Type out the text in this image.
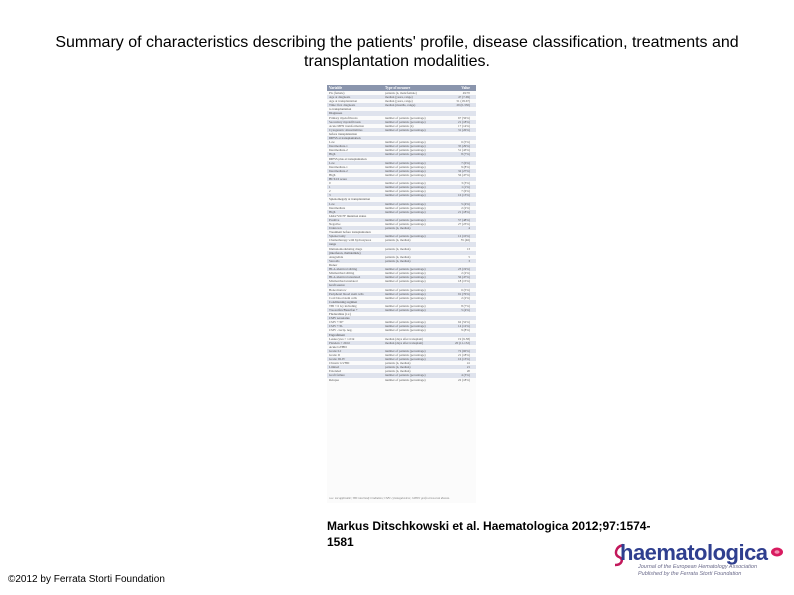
Summary of characteristics describing the patients' profile, disease classification, treatments and transplantation modalities.
Variable	Type of measure	Value
Pts (female)	patients (n, male/female)	49/70
Age at diagnosis	median (years, range)	47 (7-69)
Age at transplantation	median (years, range)	51 (18-67)
Time: first diagnosis	median (months, range)	29 (0-330)
to transplantation
Diagnoses
Primary myelofibrosis	number of patients (percentage)	67 (56%)
Secondary myelofibrosis	number of patients (percentage)	21 (18%)
Acute MPN transformation	number of patients (n)	17 (14%)
Cytogenetic abnormalities	number of patients (percentage)	31 (26%)
before transplantation
DIPSS at transplantation
Low	number of patients (percentage)	6 (5%)
Intermediate-1	number of patients (percentage)	35 (29%)
Intermediate-2	number of patients (percentage)	51 (43%)
High	number of patients (percentage)	8 (7%)
DIPSS plus at transplantation
Low	number of patients (percentage)	7 (6%)
Intermediate-1	number of patients (percentage)	9 (8%)
Intermediate-2	number of patients (percentage)	32 (27%)
High	number of patients (percentage)	56 (47%)
HCT-CI score
0	number of patients (percentage)	3 (3%)
1	number of patients (percentage)	1 (1%)
2	number of patients (percentage)	7 (6%)
3	number of patients (percentage)	16 (13%)
Splenomegaly at transplantation
Low	number of patients (percentage)	5 (4%)
Intermediate	number of patients (percentage)	2 (2%)
High	number of patients (percentage)	21 (18%)
JAK2 V617F mutation status
Positive	number of patients (percentage)	57 (48%)
Negative	number of patients (percentage)	27 (23%)
Unknown	patients (n, median)	4
Treatment before transplantation
Splenectomy	number of patients (percentage)	12 (10%)
Chemotherapy with hydroxyurea	patients (n, median)	55 (46)
range
Immunomodulating drugs	patients (n, median)	13
(interferon, thalidomide)
Anagrelide	patients (n, median)	5
Steroids	patients (n, median)	3
Donor
HLA-identical sibling	number of patients (percentage)	23 (19%)
Mismatched sibling	number of patients (percentage)	2 (2%)
HLA-identical unrelated	number of patients (percentage)	56 (47%)
Mismatched unrelated	number of patients (percentage)	18 (15%)
Graft source
Bone marrow	number of patients (percentage)	6 (5%)
Peripheral blood stem cells	number of patients (percentage)	91 (76%)
Cord blood stem cells	number of patients (percentage)	2 (2%)
Conditioning regimen
TBI < 6 Gy including	number of patients (percentage)	8 (7%)
Treosulfan/Busulfan +	number of patients (percentage)	5 (4%)
Fludarabine (i.v.)
CMV serostatus
CMV +/D+	number of patients (percentage)	62 (52%)
CMV +/D-	number of patients (percentage)	14 (12%)
CMV -/recip. neg.	number of patients (percentage)	9 (8%)
Engraftment
Leukocytes > 1.0/nl	median (days after transplant)	19 (9-58)
Platelets > 20/nl	median (days after transplant)	20 (11-152)
Acute GVHD
Grade 0-I	number of patients (percentage)	72 (60%)
Grade II	number of patients (percentage)	21 (18%)
Grade III-IV	number of patients (percentage)	16 (13%)
Chronic GVHD	patients (n, median)	41
Limited	patients (n, median)	21
Extended	patients (n, median)	20
Graft failure	number of patients (percentage)	4 (3%)
Relapse	number of patients (percentage)	22 (18%)
n.a.: not applicable; TBI: total body irradiation; CMV: cytomegalovirus; GVHD: graft-versus-host disease.
Markus Ditschkowski et al. Haematologica 2012;97:1574-1581
©2012 by Ferrata Storti Foundation
haematologica
Journal of the European Hematology Association
Published by the Ferrata Storti Foundation
